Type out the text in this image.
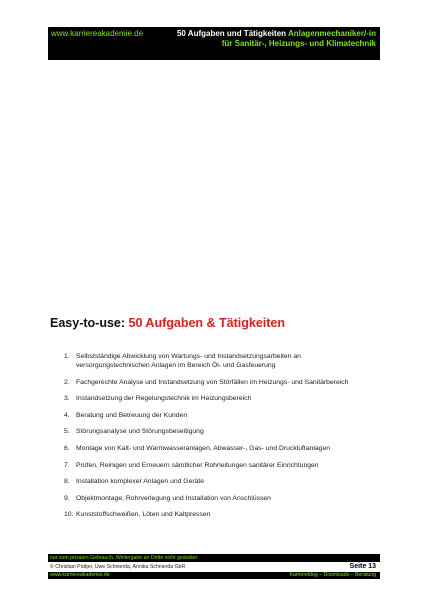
www.karriereakademie.de	50 Aufgaben und Tätigkeiten Anlagenmechaniker/-in
für Sanitär-, Heizungs- und Klimatechnik
Easy-to-use: 50 Aufgaben & Tätigkeiten
1. Selbstständige Abwicklung von Wartungs- und Instandsetzungsarbeiten an versorgungstechnischen Anlagen im Bereich Öl- und Gasfeuerung
2. Fachgerechte Analyse und Instandsetzung von Störfällen im Heizungs- und Sanitärbereich
3. Instandsetzung der Regelungstechnik im Heizungsbereich
4. Beratung und Betreuung der Kunden
5. Störungsanalyse und Störungsbeseitigung
6. Montage von Kalt- und Warmwasseranlagen, Abwasser-, Gas- und Druckluftanlagen
7. Prüfen, Reinigen und Erneuern sämtlicher Rohrleitungen sanitärer Einrichtungen
8. Installation komplexer Anlagen und Geräte
9. Objektmontage, Rohrverlegung und Installation von Anschlüssen
10. Kunststoffschweißen, Löten und Kaltpressen
nur zum privaten Gebrauch, Weitergabe an Dritte nicht gestattet
© Christian Püttjer, Uwe Schnierda, Annika Schnierda GbR	Seite 13
www.karriereakademie.de	Karriereblog – Downloads – Beratung
